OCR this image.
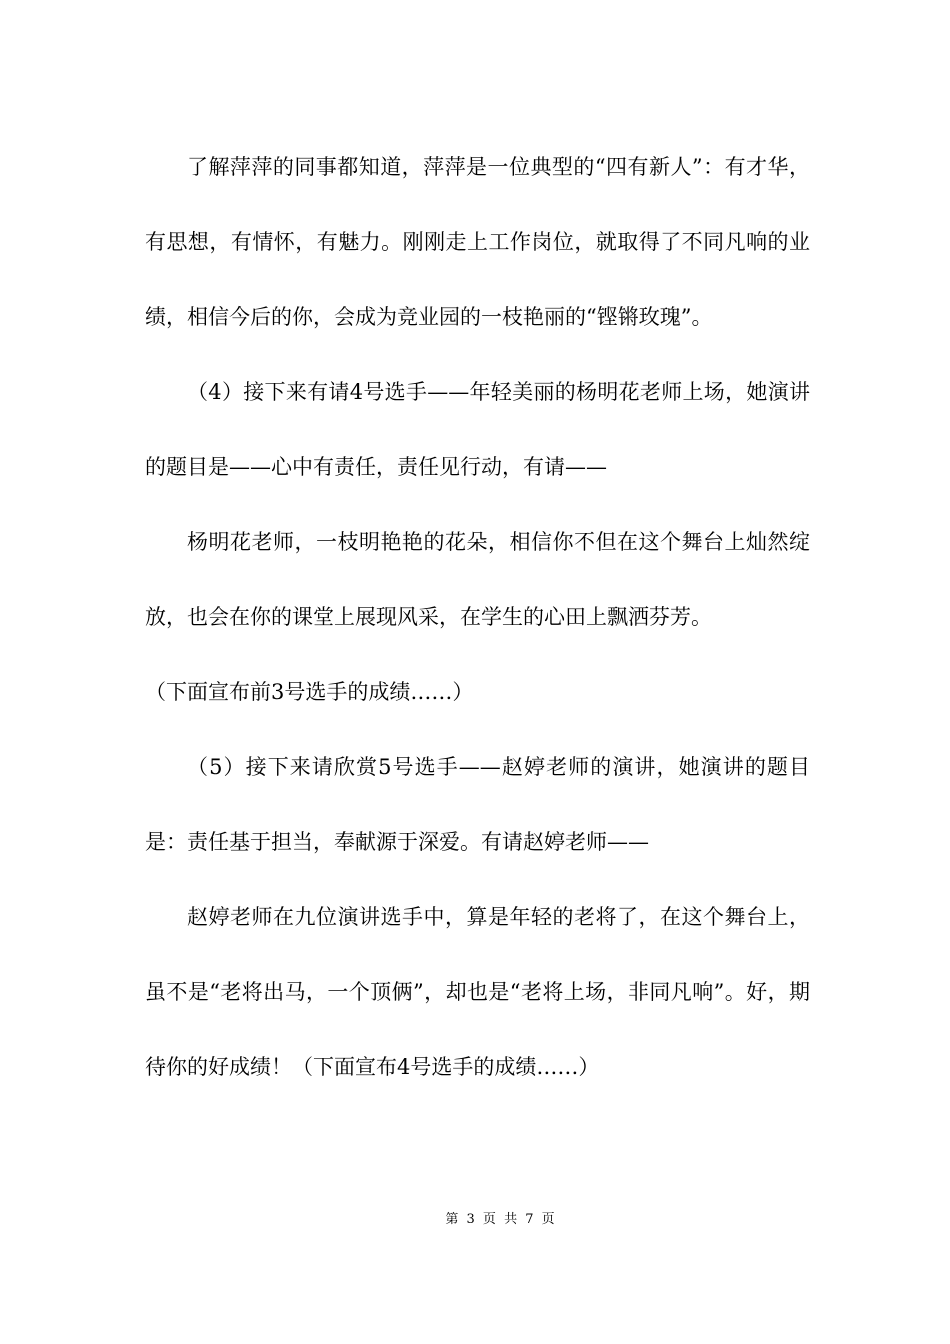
了解萍萍的同事都知道，萍萍是一位典型的“四有新人”：有才华，有思想，有情怀，有魅力。刚刚走上工作岗位，就取得了不同凡响的业绩，相信今后的你，会成为竞业园的一枝艳丽的“铿锵玫瑰”。

（4）接下来有请4号选手——年轻美丽的杨明花老师上场，她演讲的题目是——心中有责任，责任见行动，有请——

杨明花老师，一枝明艳艳的花朵，相信你不但在这个舞台上灿然绽放，也会在你的课堂上展现风采，在学生的心田上飘洒芬芳。

（下面宣布前3号选手的成绩……）

（5）接下来请欣赏5号选手——赵婷老师的演讲，她演讲的题目是：责任基于担当，奉献源于深爱。有请赵婷老师——

赵婷老师在九位演讲选手中，算是年轻的老将了，在这个舞台上，虽不是“老将出马，一个顶俩”，却也是“老将上场，非同凡响”。好，期待你的好成绩！（下面宣布4号选手的成绩……）

第 3 页 共 7 页
